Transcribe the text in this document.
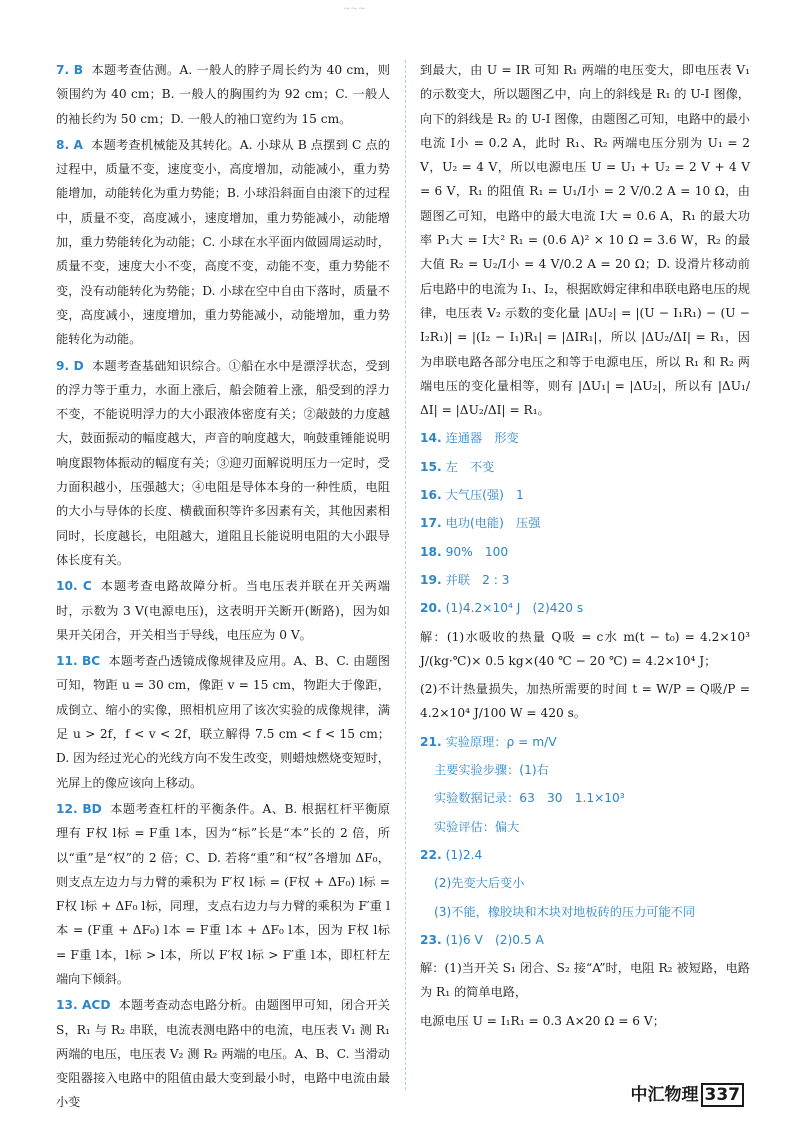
~~~

7. B 本题考查估测。A. 一般人的脖子周长约为 40 cm，则领围约为 40 cm；B. 一般人的胸围约为 92 cm；C. 一般人的袖长约为 50 cm；D. 一般人的袖口宽约为 15 cm。

8. A 本题考查机械能及其转化。A. 小球从 B 点摆到 C 点的过程中，质量不变，速度变小，高度增加，动能减小，重力势能增加，动能转化为重力势能；B. 小球沿斜面自由滚下的过程中，质量不变，高度减小，速度增加，重力势能减小，动能增加，重力势能转化为动能；C. 小球在水平面内做圆周运动时，质量不变，速度大小不变，高度不变，动能不变，重力势能不变，没有动能转化为势能；D. 小球在空中自由下落时，质量不变，高度减小，速度增加，重力势能减小，动能增加，重力势能转化为动能。

9. D 本题考查基础知识综合。①船在水中是漂浮状态，受到的浮力等于重力，水面上涨后，船会随着上涨，船受到的浮力不变，不能说明浮力的大小跟液体密度有关；②敲鼓的力度越大，鼓面振动的幅度越大，声音的响度越大，响鼓重锤能说明响度跟物体振动的幅度有关；③迎刃面解说明压力一定时，受力面积越小，压强越大；④电阻是导体本身的一种性质，电阻的大小与导体的长度、横截面积等许多因素有关，其他因素相同时，长度越长，电阻越大，道阻且长能说明电阻的大小跟导体长度有关。

10. C 本题考查电路故障分析。当电压表并联在开关两端时，示数为 3 V(电源电压)，这表明开关断开(断路)，因为如果开关闭合，开关相当于导线，电压应为 0 V。

11. BC 本题考查凸透镜成像规律及应用。A、B、C. 由题图可知，物距 u = 30 cm，像距 v = 15 cm，物距大于像距，成倒立、缩小的实像，照相机应用了该次实验的成像规律，满足 u > 2f，f < v < 2f，联立解得 7.5 cm < f < 15 cm；D. 因为经过光心的光线方向不发生改变，则蜡烛燃烧变短时，光屏上的像应该向上移动。

12. BD 本题考查杠杆的平衡条件。A、B. 根据杠杆平衡原理有 F权 l标 = F重 l本，因为“标”长是“本”长的 2 倍，所以“重”是“权”的 2 倍；C、D. 若将“重”和“权”各增加 ΔF₀，则支点左边力与力臂的乘积为 F′权 l标 = (F权 + ΔF₀) l标 = F权 l标 + ΔF₀ l标，同理，支点右边力与力臂的乘积为 F′重 l本 = (F重 + ΔF₀) l本 = F重 l本 + ΔF₀ l本，因为 F权 l标 = F重 l本，l标 > l本，所以 F′权 l标 > F′重 l本，即杠杆左端向下倾斜。

13. ACD 本题考查动态电路分析。由题图甲可知，闭合开关 S，R₁ 与 R₂ 串联，电流表测电路中的电流，电压表 V₁ 测 R₁ 两端的电压，电压表 V₂ 测 R₂ 两端的电压。A、B、C. 当滑动变阻器接入电路中的阻值由最大变到最小时，电路中电流由最小变

到最大，由 U = IR 可知 R₁ 两端的电压变大，即电压表 V₁ 的示数变大，所以题图乙中，向上的斜线是 R₁ 的 U-I 图像，向下的斜线是 R₂ 的 U-I 图像，由题图乙可知，电路中的最小电流 I小 = 0.2 A，此时 R₁、R₂ 两端电压分别为 U₁ = 2 V，U₂ = 4 V，所以电源电压 U = U₁ + U₂ = 2 V + 4 V = 6 V，R₁ 的阻值 R₁ = U₁/I小 = 2 V/0.2 A = 10 Ω，由题图乙可知，电路中的最大电流 I大 = 0.6 A，R₁ 的最大功率 P₁大 = I大² R₁ = (0.6 A)² × 10 Ω = 3.6 W，R₂ 的最大值 R₂ = U₂/I小 = 4 V/0.2 A = 20 Ω；D. 设滑片移动前后电路中的电流为 I₁、I₂，根据欧姆定律和串联电路电压的规律，电压表 V₂ 示数的变化量 |ΔU₂| = |(U − I₁R₁) − (U − I₂R₁)| = |(I₂ − I₁)R₁| = |ΔIR₁|，所以 |ΔU₂/ΔI| = R₁，因为串联电路各部分电压之和等于电源电压，所以 R₁ 和 R₂ 两端电压的变化量相等，则有 |ΔU₁| = |ΔU₂|，所以有 |ΔU₁/ΔI| = |ΔU₂/ΔI| = R₁。

14. 连通器　形变

15. 左　不变

16. 大气压(强)　1

17. 电功(电能)　压强

18. 90%　100

19. 并联　2 : 3

20. (1)4.2×10⁴ J　(2)420 s

解：(1)水吸收的热量 Q吸 = c水 m(t − t₀) = 4.2×10³ J/(kg·℃)× 0.5 kg×(40 ℃ − 20 ℃) = 4.2×10⁴ J；

(2)不计热量损失，加热所需要的时间 t = W/P = Q吸/P = 4.2×10⁴ J/100 W = 420 s。

21. 实验原理：ρ = m/V

主要实验步骤：(1)右

实验数据记录：63　30　1.1×10³

实验评估：偏大

22. (1)2.4

(2)先变大后变小

(3)不能，橡胶块和木块对地板砖的压力可能不同

23. (1)6 V　(2)0.5 A

解：(1)当开关 S₁ 闭合、S₂ 接“A”时，电阻 R₂ 被短路，电路为 R₁ 的简单电路，

电源电压 U = I₁R₁ = 0.3 A×20 Ω = 6 V；

中汇物理 337
